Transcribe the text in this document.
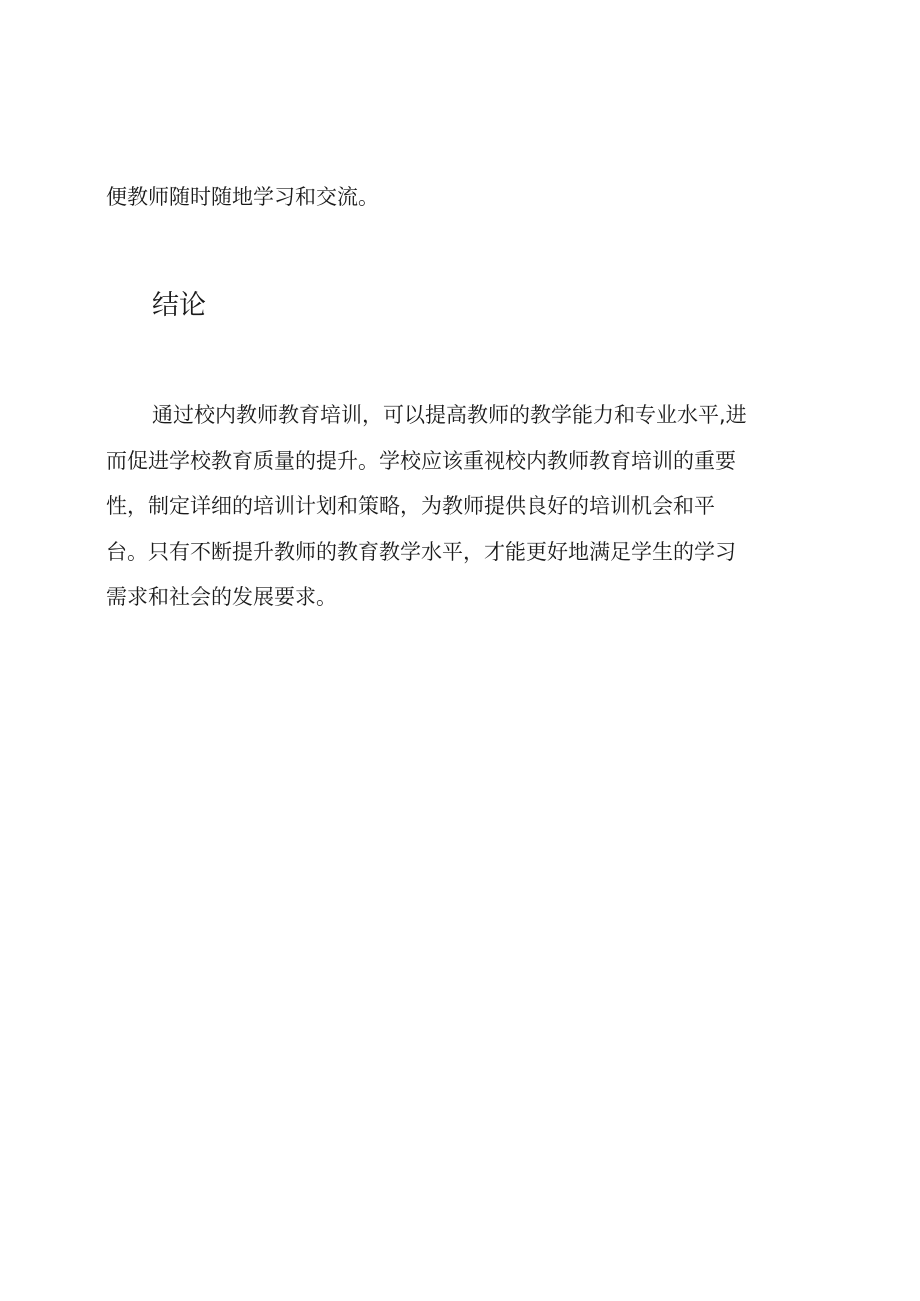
便教师随时随地学习和交流。

结论
通过校内教师教育培训，可以提高教师的教学能力和专业水平,进
而促进学校教育质量的提升。学校应该重视校内教师教育培训的重要
性，制定详细的培训计划和策略，为教师提供良好的培训机会和平
台。只有不断提升教师的教育教学水平，才能更好地满足学生的学习
需求和社会的发展要求。
